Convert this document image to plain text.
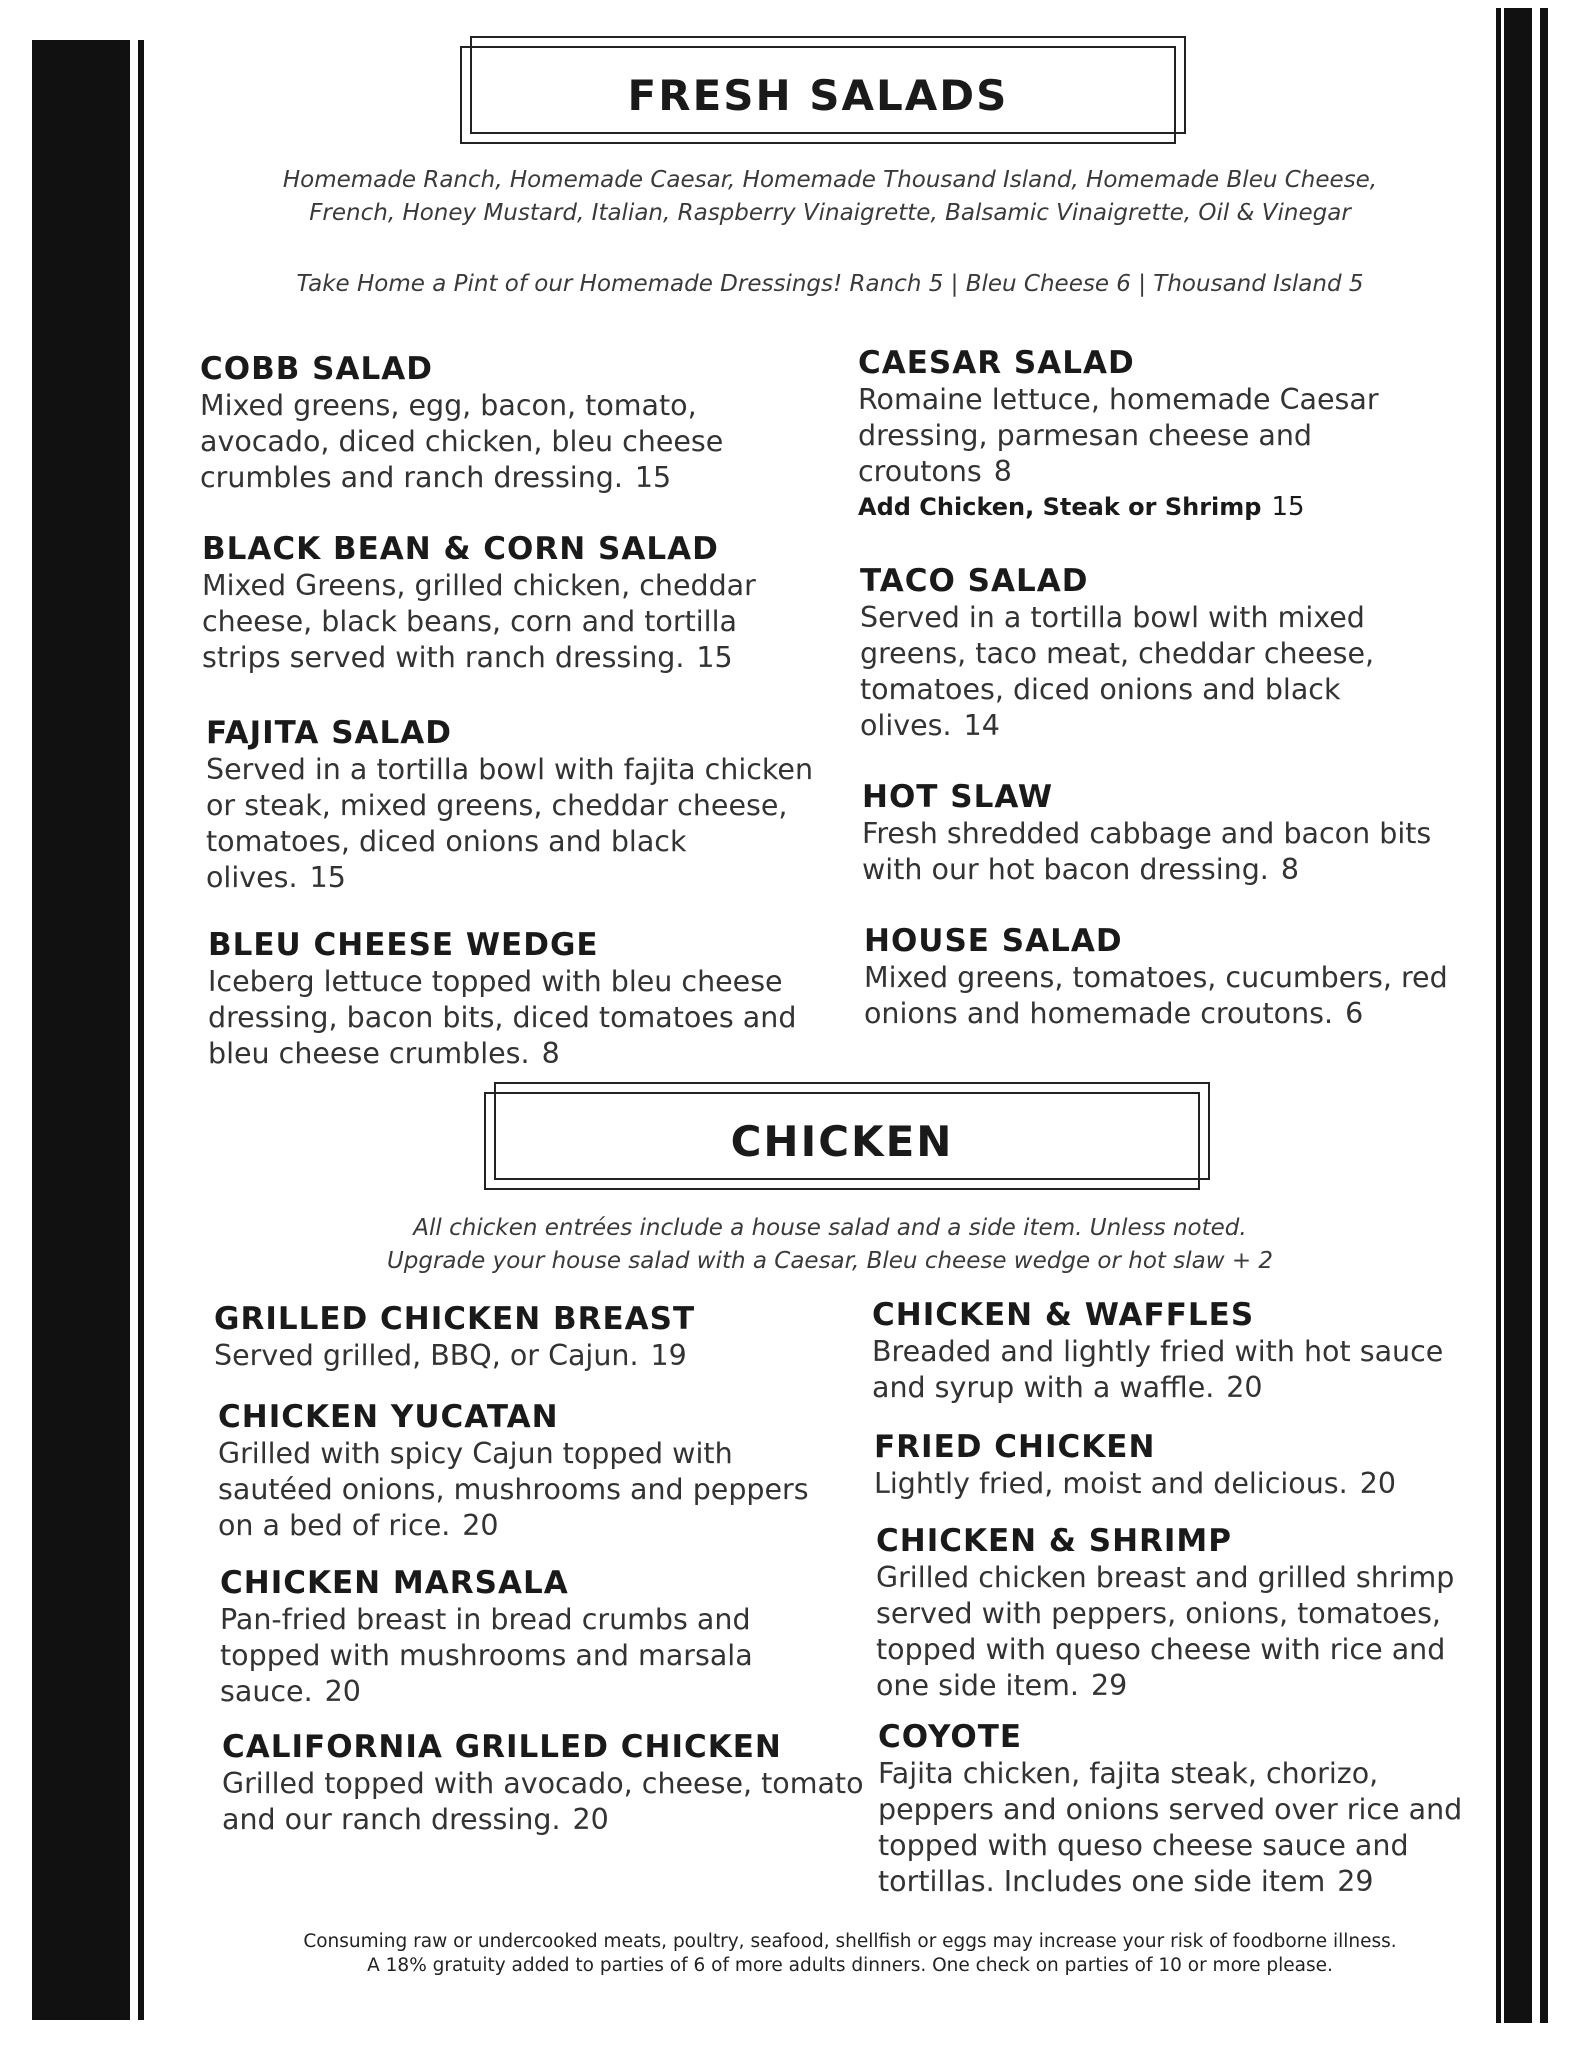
FRESH SALADS
Homemade Ranch, Homemade Caesar, Homemade Thousand Island, Homemade Bleu Cheese,
French, Honey Mustard, Italian, Raspberry Vinaigrette, Balsamic Vinaigrette, Oil & Vinegar
Take Home a Pint of our Homemade Dressings! Ranch 5 | Bleu Cheese 6 | Thousand Island 5
COBB SALAD
Mixed greens, egg, bacon, tomato, avocado, diced chicken, bleu cheese crumbles and ranch dressing. 15
BLACK BEAN & CORN SALAD
Mixed Greens, grilled chicken, cheddar cheese, black beans, corn and tortilla strips served with ranch dressing. 15
FAJITA SALAD
Served in a tortilla bowl with fajita chicken or steak, mixed greens, cheddar cheese, tomatoes, diced onions and black olives. 15
BLEU CHEESE WEDGE
Iceberg lettuce topped with bleu cheese dressing, bacon bits, diced tomatoes and bleu cheese crumbles. 8
CAESAR SALAD
Romaine lettuce, homemade Caesar dressing, parmesan cheese and croutons 8
Add Chicken, Steak or Shrimp 15
TACO SALAD
Served in a tortilla bowl with mixed greens, taco meat, cheddar cheese, tomatoes, diced onions and black olives. 14
HOT SLAW
Fresh shredded cabbage and bacon bits with our hot bacon dressing. 8
HOUSE SALAD
Mixed greens, tomatoes, cucumbers, red onions and homemade croutons. 6
CHICKEN
All chicken entrées include a house salad and a side item. Unless noted.
Upgrade your house salad with a Caesar, Bleu cheese wedge or hot slaw + 2
GRILLED CHICKEN BREAST
Served grilled, BBQ, or Cajun. 19
CHICKEN YUCATAN
Grilled with spicy Cajun topped with sautéed onions, mushrooms and peppers on a bed of rice. 20
CHICKEN MARSALA
Pan-fried breast in bread crumbs and topped with mushrooms and marsala sauce. 20
CALIFORNIA GRILLED CHICKEN
Grilled topped with avocado, cheese, tomato and our ranch dressing. 20
CHICKEN & WAFFLES
Breaded and lightly fried with hot sauce and syrup with a waffle. 20
FRIED CHICKEN
Lightly fried, moist and delicious. 20
CHICKEN & SHRIMP
Grilled chicken breast and grilled shrimp served with peppers, onions, tomatoes, topped with queso cheese with rice and one side item. 29
COYOTE
Fajita chicken, fajita steak, chorizo, peppers and onions served over rice and topped with queso cheese sauce and tortillas. Includes one side item 29
Consuming raw or undercooked meats, poultry, seafood, shellfish or eggs may increase your risk of foodborne illness.
A 18% gratuity added to parties of 6 of more adults dinners. One check on parties of 10 or more please.
